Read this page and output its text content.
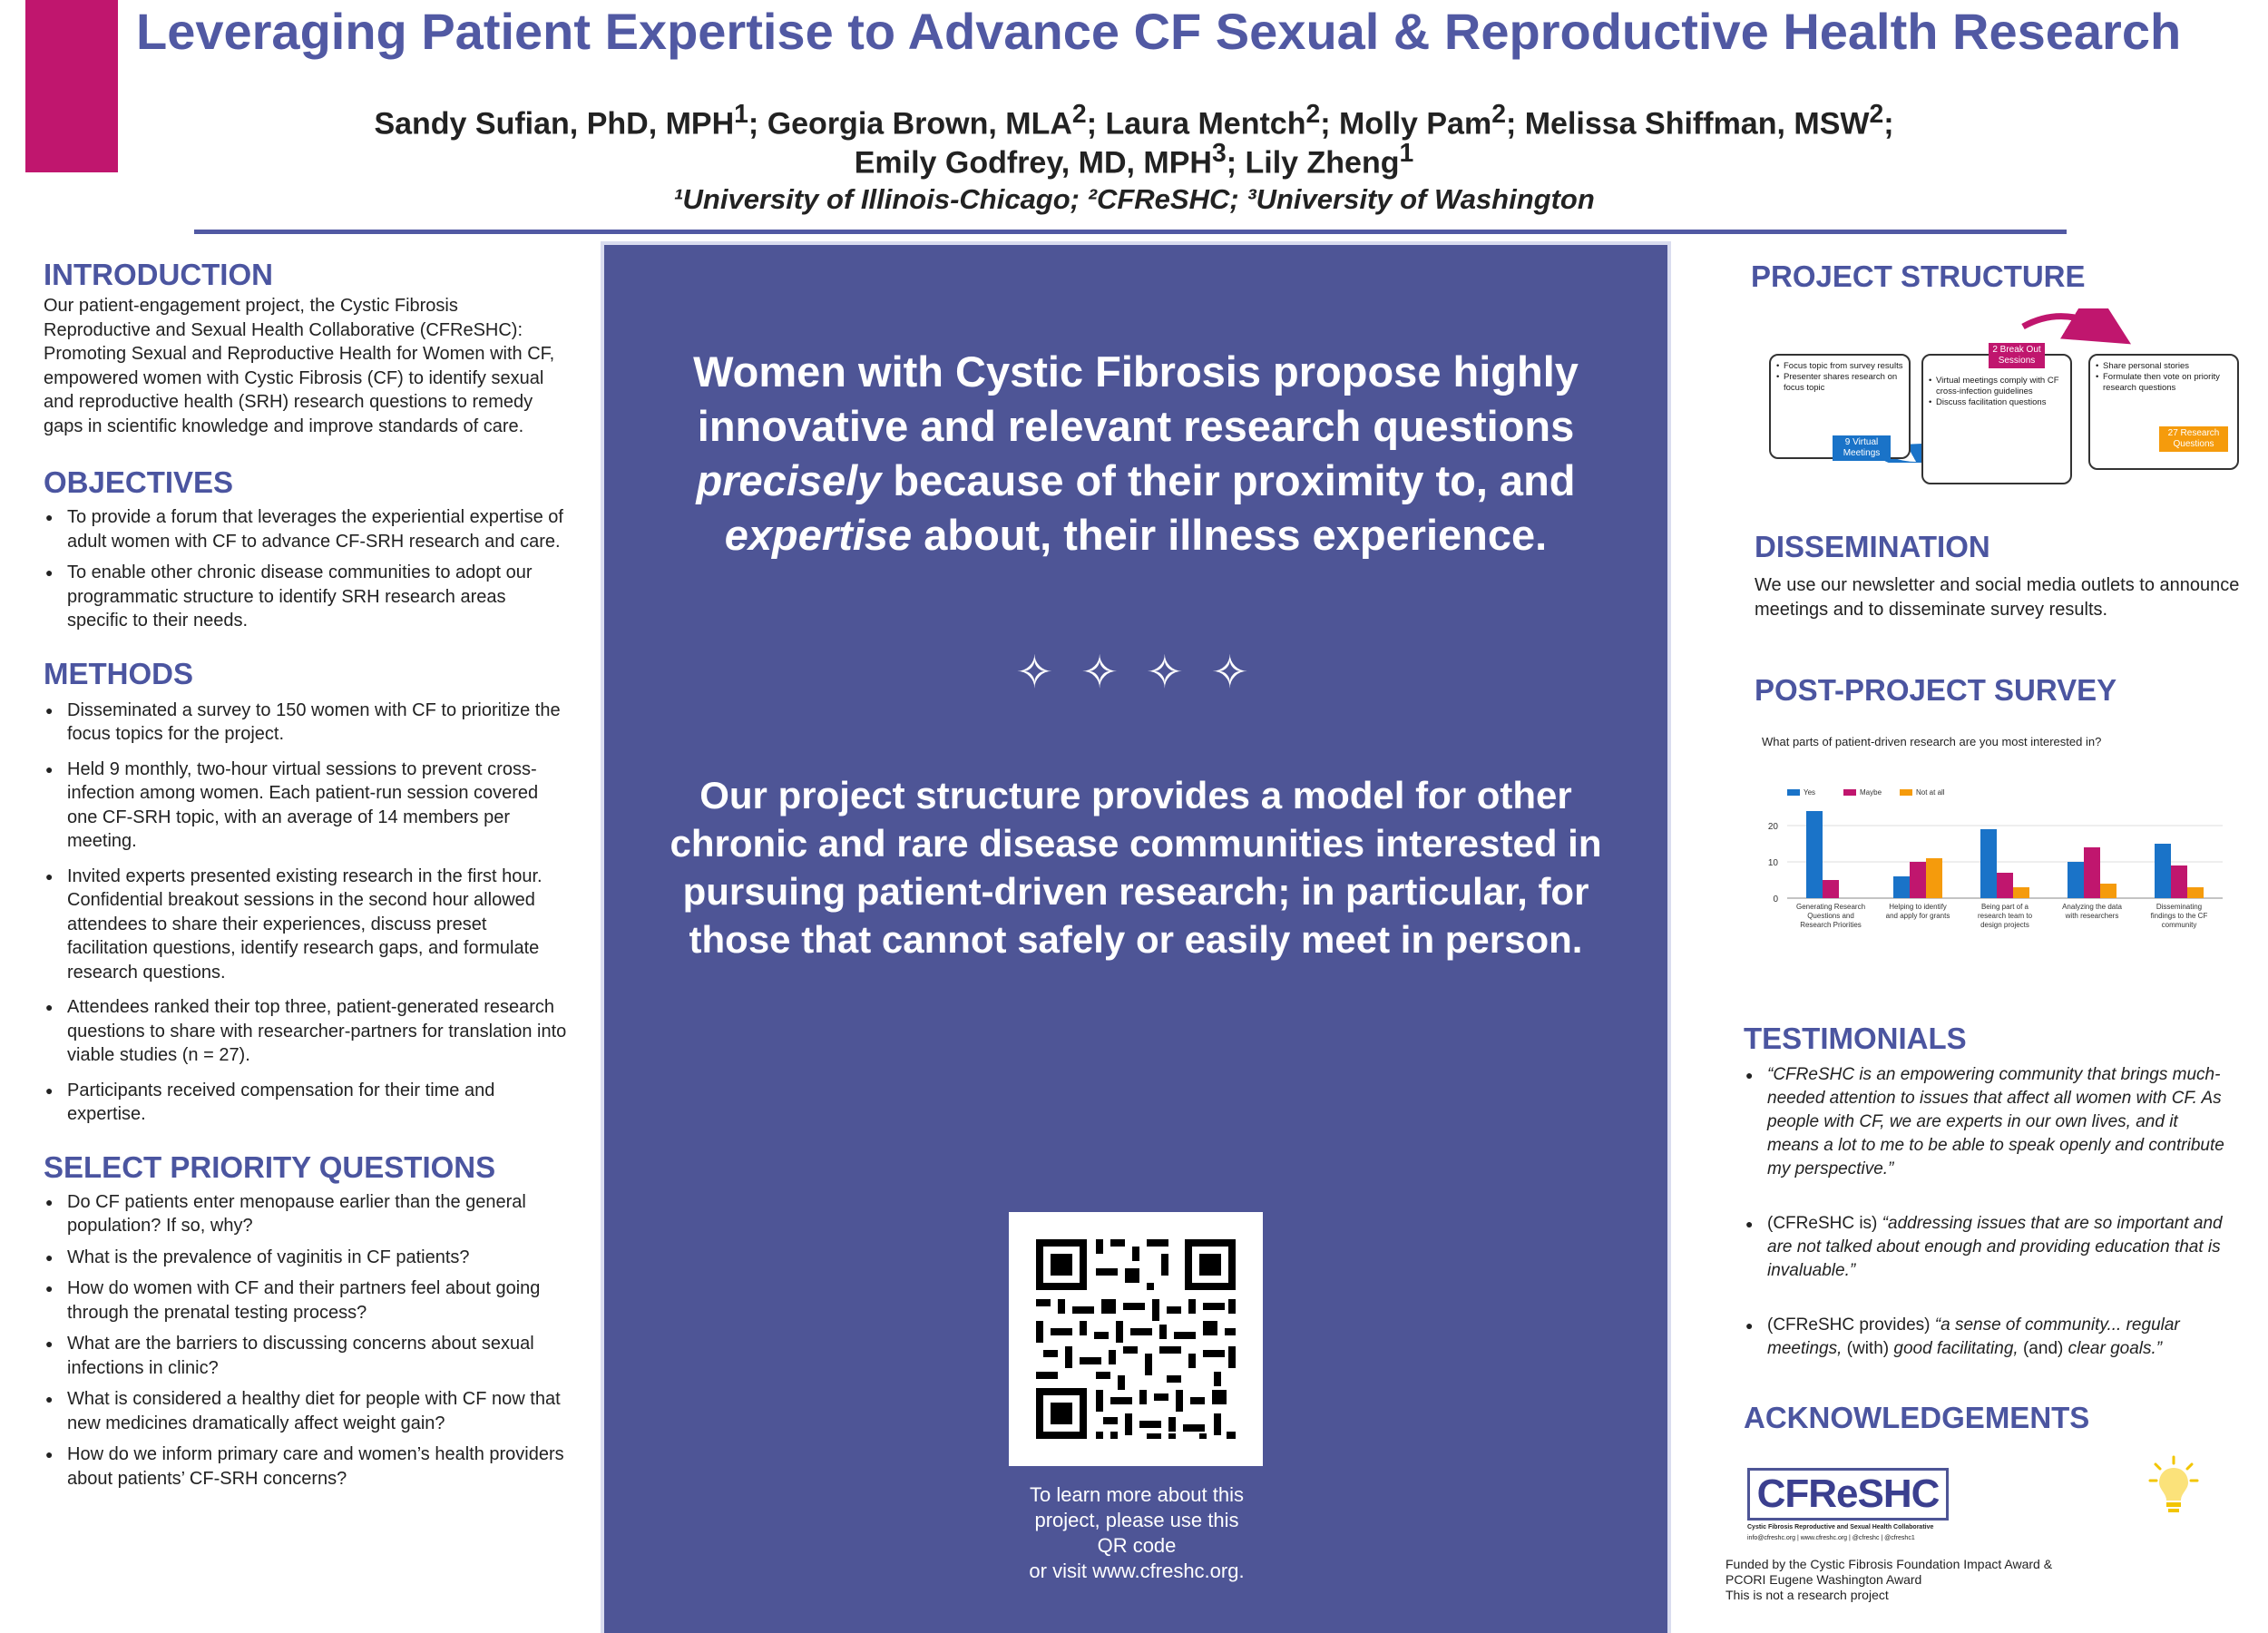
Leveraging Patient Expertise to Advance CF Sexual & Reproductive Health Research
Sandy Sufian, PhD, MPH$^1$; Georgia Brown, MLA$^2$; Laura Mentch$^2$; Molly Pam$^2$; Melissa Shiffman, MSW$^2$;
Emily Godfrey, MD, MPH$^3$; Lily Zheng$^1$
¹University of Illinois-Chicago; ²CFReSHC; ³University of Washington
INTRODUCTION
Our patient-engagement project, the Cystic Fibrosis Reproductive and Sexual Health Collaborative (CFReSHC): Promoting Sexual and Reproductive Health for Women with CF, empowered women with Cystic Fibrosis (CF) to identify sexual and reproductive health (SRH) research questions to remedy gaps in scientific knowledge and improve standards of care.
OBJECTIVES
● To provide a forum that leverages the experiential expertise of adult women with CF to advance CF-SRH research and care.
● To enable other chronic disease communities to adopt our programmatic structure to identify SRH research areas specific to their needs.
METHODS
● Disseminated a survey to 150 women with CF to prioritize the focus topics for the project.
● Held 9 monthly, two-hour virtual sessions to prevent cross-infection among women. Each patient-run session covered one CF-SRH topic, with an average of 14 members per meeting.
● Invited experts presented existing research in the first hour. Confidential breakout sessions in the second hour allowed attendees to share their experiences, discuss preset facilitation questions, identify research gaps, and formulate research questions.
● Attendees ranked their top three, patient-generated research questions to share with researcher-partners for translation into viable studies (n = 27).
● Participants received compensation for their time and expertise.
SELECT PRIORITY QUESTIONS
● Do CF patients enter menopause earlier than the general population? If so, why?
● What is the prevalence of vaginitis in CF patients?
● How do women with CF and their partners feel about going through the prenatal testing process?
● What are the barriers to discussing concerns about sexual infections in clinic?
● What is considered a healthy diet for people with CF now that new medicines dramatically affect weight gain?
● How do we inform primary care and women’s health providers about patients’ CF-SRH concerns?
Women with Cystic Fibrosis propose highly innovative and relevant research questions precisely because of their proximity to, and expertise about, their illness experience.
✧ ✧ ✧ ✧
Our project structure provides a model for other chronic and rare disease communities interested in pursuing patient-driven research; in particular, for those that cannot safely or easily meet in person.
To learn more about this
project, please use this
QR code
or visit www.cfreshc.org.
PROJECT STRUCTURE
• Focus topic from survey results
• Presenter shares research on focus topic
• Virtual meetings comply with CF cross-infection guidelines
• Discuss facilitation questions
• Share personal stories
• Formulate then vote on priority research questions
9 Virtual Meetings
2 Break Out Sessions
27 Research Questions
DISSEMINATION
We use our newsletter and social media outlets to announce meetings and to disseminate survey results.
POST-PROJECT SURVEY
What parts of patient-driven research are you most interested in?
0
10
20
Yes	Maybe	Not at all
Generating Research Questions and Research Priorities
Helping to identify and apply for grants
Being part of a research team to design projects
Analyzing the data with researchers
Disseminating findings to the CF community
TESTIMONIALS
● “CFReSHC is an empowering community that brings much-needed attention to issues that affect all women with CF. As people with CF, we are experts in our own lives, and it means a lot to me to be able to speak openly and contribute my perspective.”
● (CFReSHC is) “addressing issues that are so important and are not talked about enough and providing education that is invaluable.”
● (CFReSHC provides) “a sense of community... regular meetings, (with) good facilitating, (and) clear goals.”
ACKNOWLEDGEMENTS
CFReSHC
Cystic Fibrosis Reproductive and Sexual Health Collaborative
info@cfreshc.org | www.cfreshc.org | @cfreshc | @cfreshc1
Funded by the Cystic Fibrosis Foundation Impact Award &
PCORI Eugene Washington Award
This is not a research project
